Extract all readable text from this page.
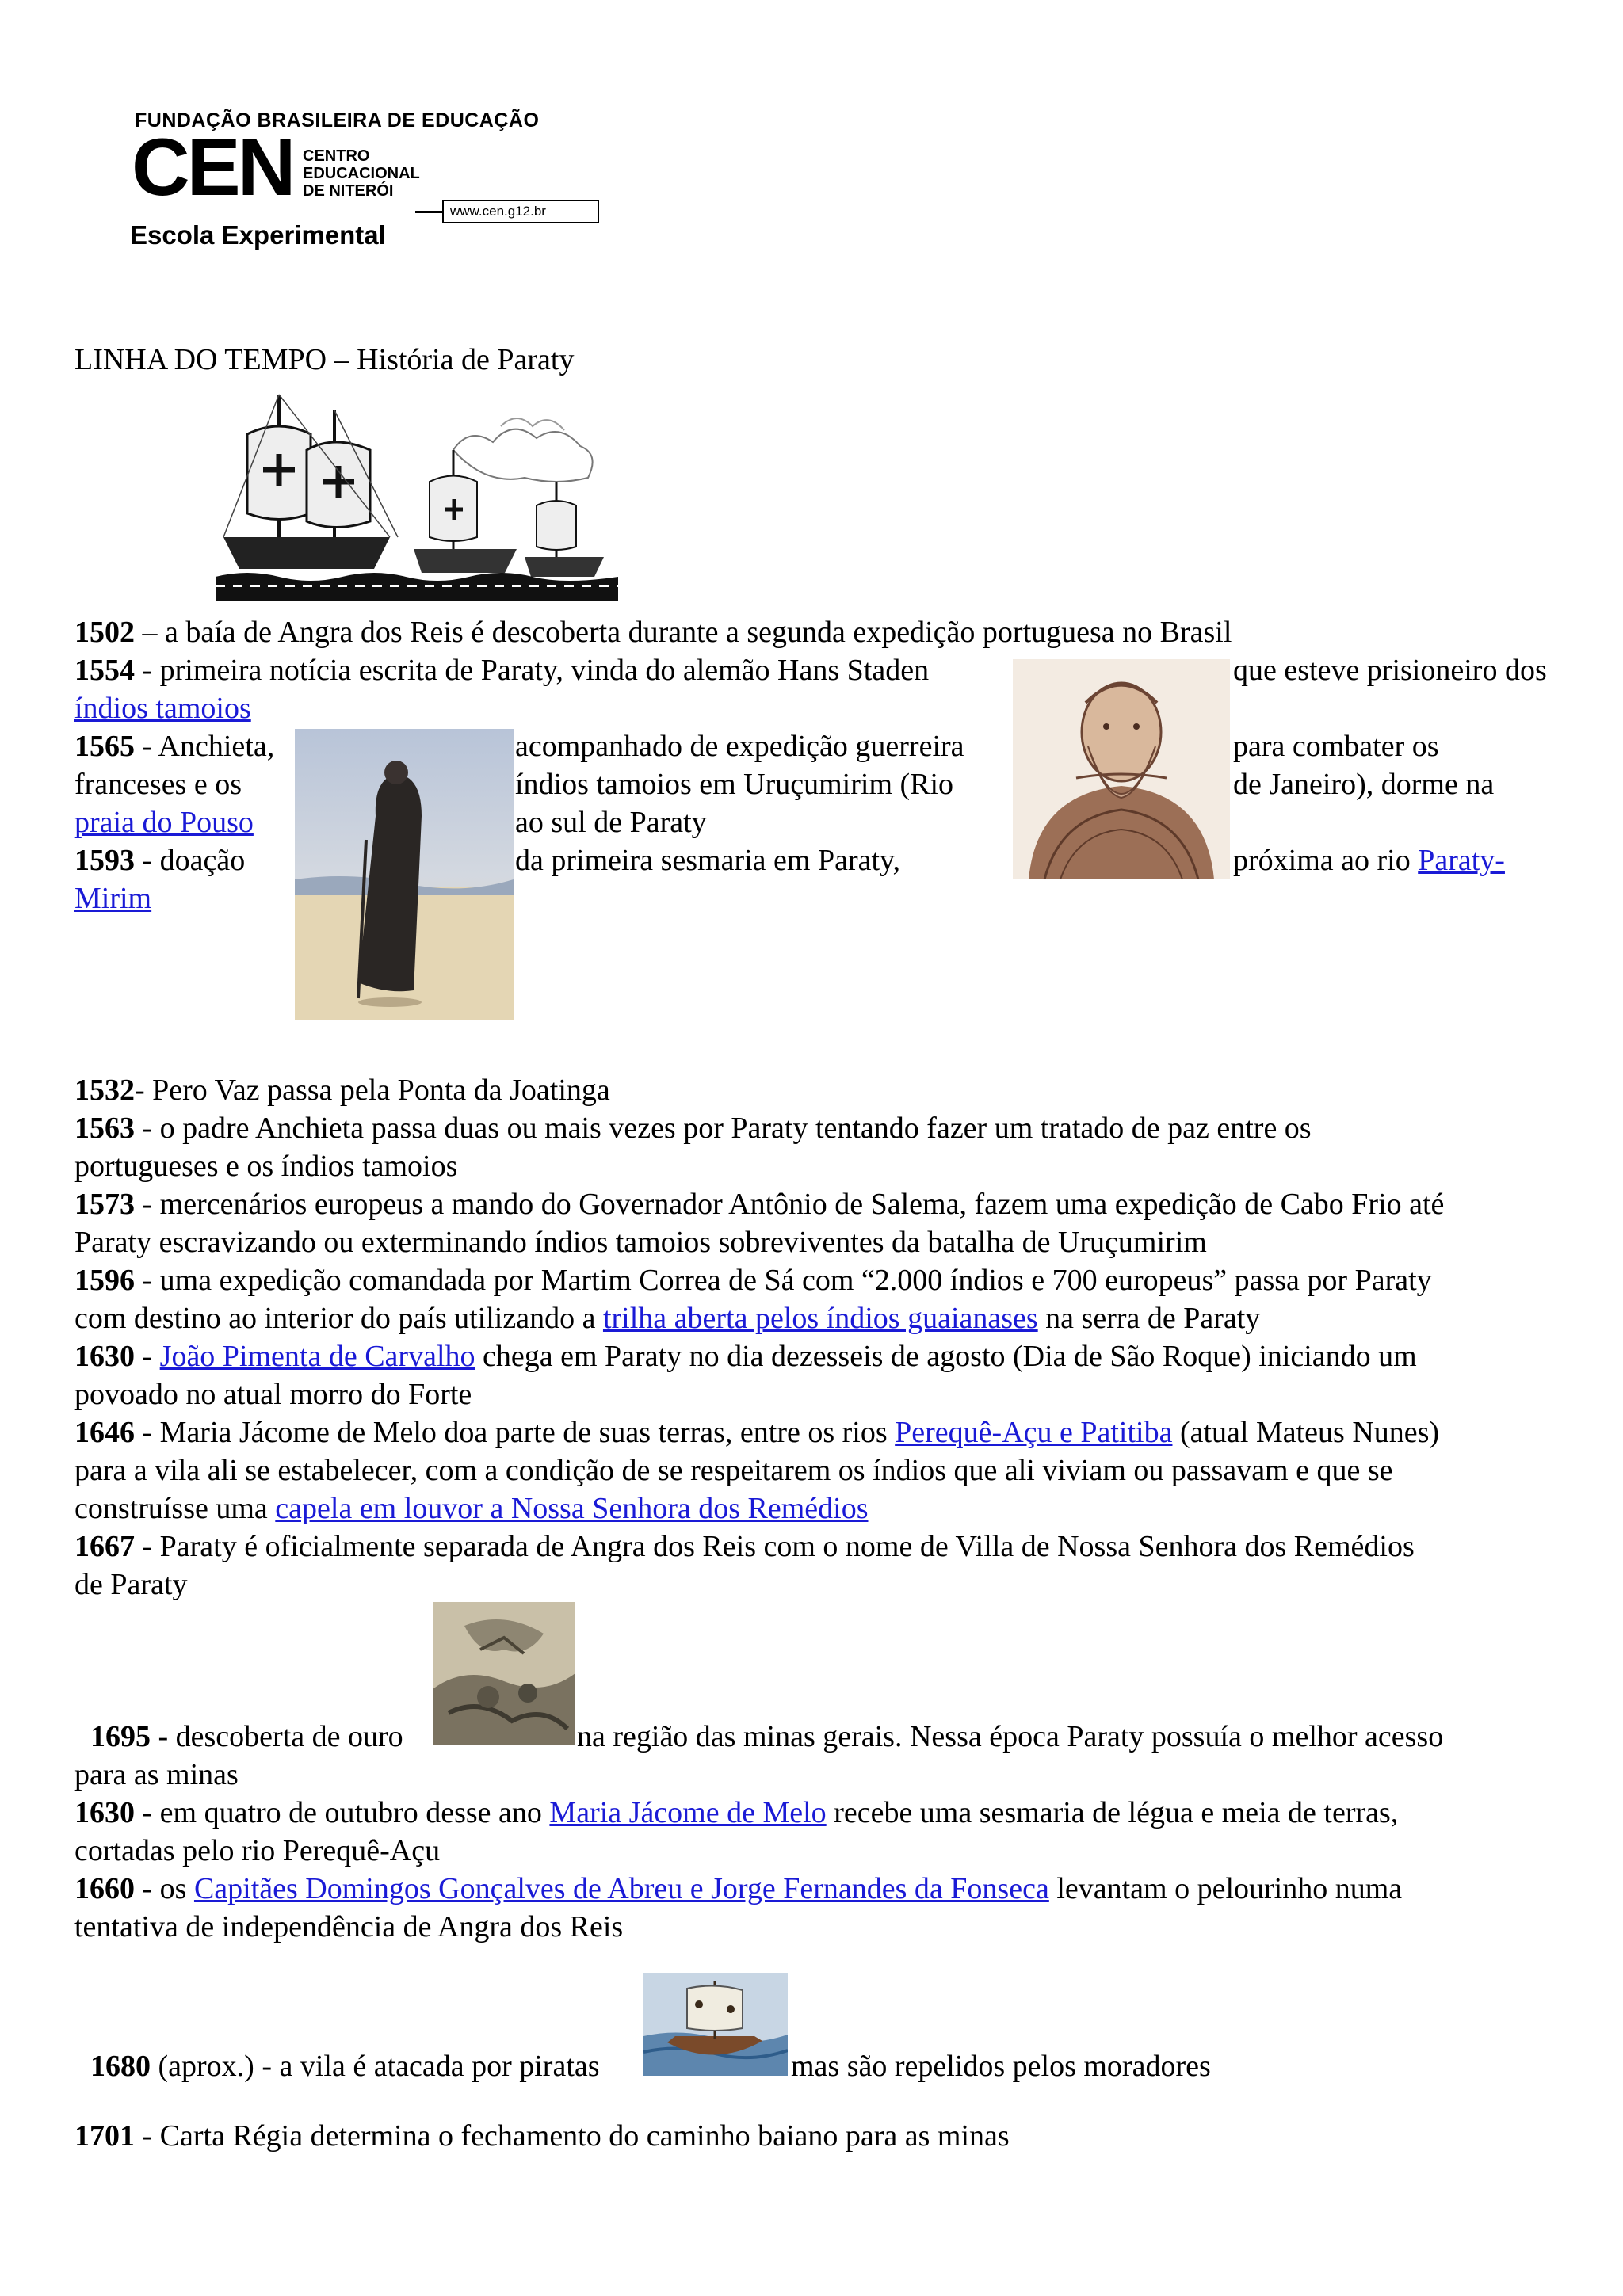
FUNDAÇÃO BRASILEIRA DE EDUCAÇÃO
CEN CENTRO
EDUCACIONAL
DE NITERÓI
www.cen.g12.br
Escola Experimental
LINHA DO TEMPO – História de Paraty
1502 – a baía de Angra dos Reis é descoberta durante a segunda expedição portuguesa no Brasil
1554 - primeira notícia escrita de Paraty, vinda do alemão Hans Staden	que esteve prisioneiro dos
índios tamoios
1565 - Anchieta,	acompanhado de expedição guerreira	para combater os
franceses e os	índios tamoios em Uruçumirim (Rio	de Janeiro), dorme na
praia do Pouso	ao sul de Paraty
1593 - doação	da primeira sesmaria em Paraty,	próxima ao rio Paraty-
Mirim
1532- Pero Vaz passa pela Ponta da Joatinga
1563 - o padre Anchieta passa duas ou mais vezes por Paraty tentando fazer um tratado de paz entre os
portugueses e os índios tamoios
1573 - mercenários europeus a mando do Governador Antônio de Salema, fazem uma expedição de Cabo Frio até
Paraty escravizando ou exterminando índios tamoios sobreviventes da batalha de Uruçumirim
1596 - uma expedição comandada por Martim Correa de Sá com “2.000 índios e 700 europeus” passa por Paraty
com destino ao interior do país utilizando a trilha aberta pelos índios guaianases na serra de Paraty
1630 - João Pimenta de Carvalho chega em Paraty no dia dezesseis de agosto (Dia de São Roque) iniciando um
povoado no atual morro do Forte
1646 - Maria Jácome de Melo doa parte de suas terras, entre os rios Perequê-Açu e Patitiba (atual Mateus Nunes)
para a vila ali se estabelecer, com a condição de se respeitarem os índios que ali viviam ou passavam e que se
construísse uma capela em louvor a Nossa Senhora dos Remédios
1667 - Paraty é oficialmente separada de Angra dos Reis com o nome de Villa de Nossa Senhora dos Remédios
de Paraty
1695 - descoberta de ouro	na região das minas gerais. Nessa época Paraty possuía o melhor acesso
para as minas
1630 - em quatro de outubro desse ano Maria Jácome de Melo recebe uma sesmaria de légua e meia de terras,
cortadas pelo rio Perequê-Açu
1660 - os Capitães Domingos Gonçalves de Abreu e Jorge Fernandes da Fonseca levantam o pelourinho numa
tentativa de independência de Angra dos Reis
1680 (aprox.) - a vila é atacada por piratas	mas são repelidos pelos moradores
1701 - Carta Régia determina o fechamento do caminho baiano para as minas
